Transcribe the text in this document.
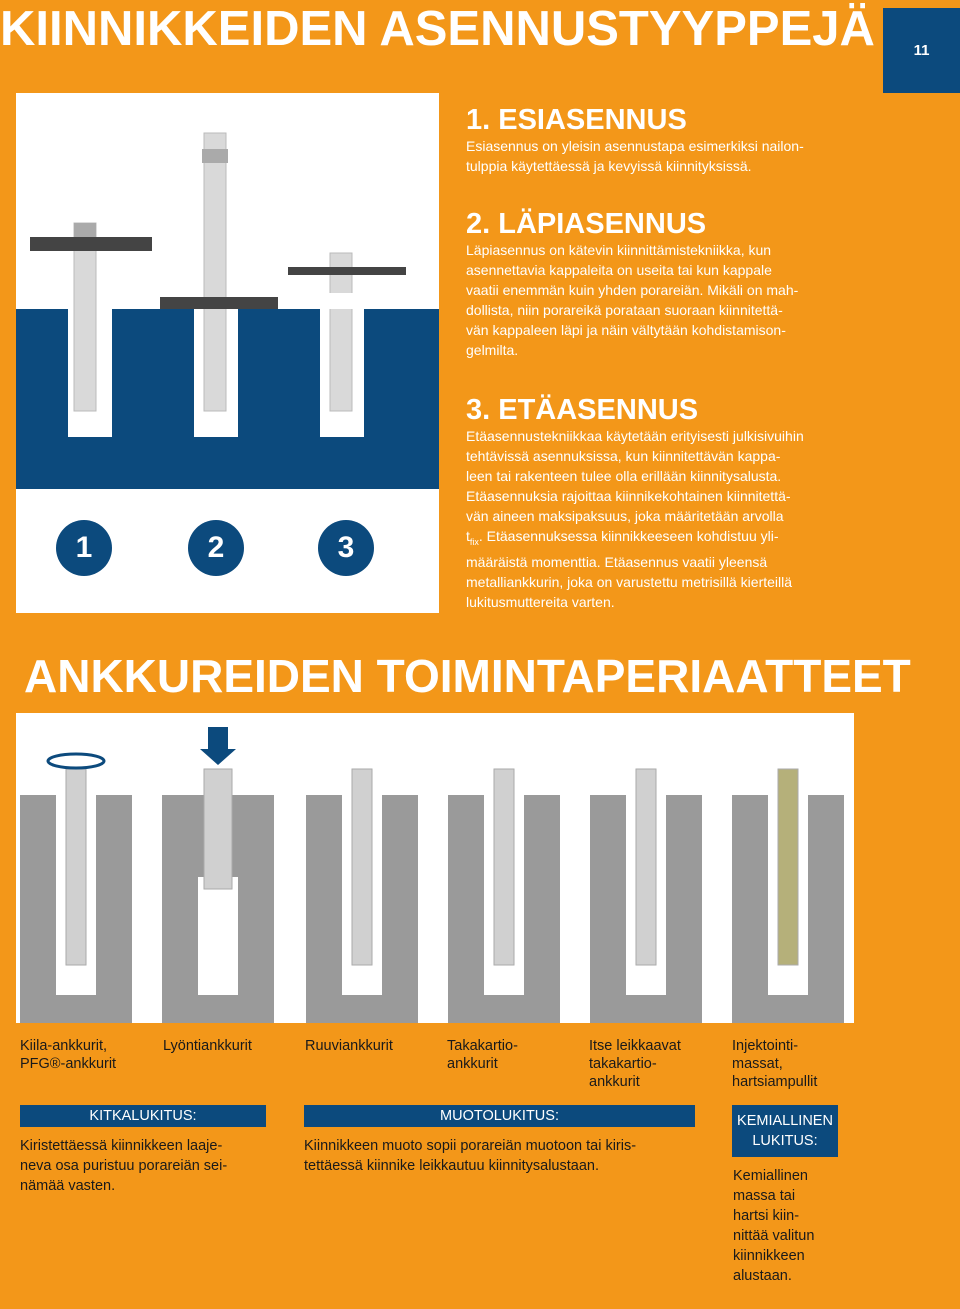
KIINNIKKEIDEN ASENNUSTYYPPEJÄ	11
1	2	3
1. ESIASENNUS
Esiasennus on yleisin asennustapa esimerkiksi nailon-
tulppia käytettäessä ja kevyissä kiinnityksissä.
2. LÄPIASENNUS
Läpiasennus on kätevin kiinnittämistekniikka, kun
asennettavia kappaleita on useita tai kun kappale
vaatii enemmän kuin yhden porareiän. Mikäli on mah-
dollista, niin porareikä porataan suoraan kiinnitettä-
vän kappaleen läpi ja näin vältytään kohdistamison-
gelmilta.
3. ETÄASENNUS
Etäasennustekniikkaa käytetään erityisesti julkisivuihin
tehtävissä asennuksissa, kun kiinnitettävän kappa-
leen tai rakenteen tulee olla erillään kiinnitysalusta.
Etäasennuksia rajoittaa kiinnikekohtainen kiinnitettä-
vän aineen maksipaksuus, joka määritetään arvolla
$t_{fix}$. Etäasennuksessa kiinnikkeeseen kohdistuu yli-
määräistä momenttia. Etäasennus vaatii yleensä
metalliankkurin, joka on varustettu metrisillä kierteillä
lukitusmuttereita varten.
ANKKUREIDEN TOIMINTAPERIAATTEET
Kiila-ankkurit,
PFG®-ankkurit
Lyöntiankkurit	Ruuviankkurit	Takakartio-
ankkurit
Itse leikkaavat
takakartio-
ankkurit
Injektointi-
massat,
hartsiampullit
KITKALUKITUS:	MUOTOLUKITUS:	KEMIALLINEN
LUKITUS:
Kiristettäessä kiinnikkeen laaje-
neva osa puristuu porareiän sei-
nämää vasten.
Kiinnikkeen muoto sopii porareiän muotoon tai kiris-
tettäessä kiinnike leikkautuu kiinnitysalustaan.
Kemiallinen
massa tai
hartsi kiin-
nittää valitun
kiinnikkeen
alustaan.
